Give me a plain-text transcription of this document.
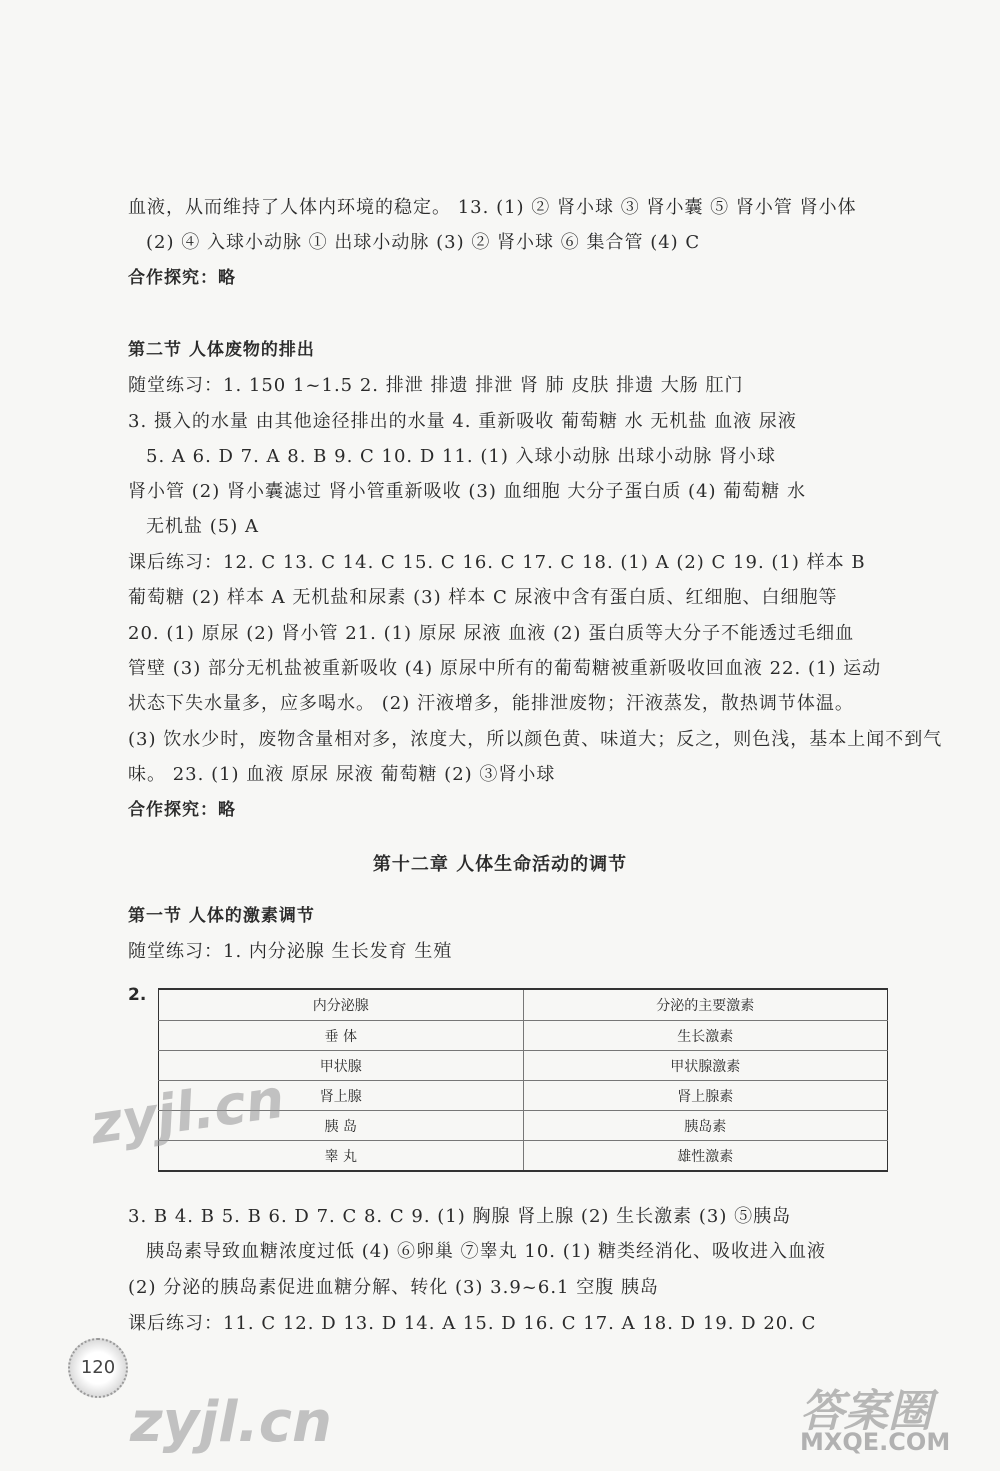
血液，从而维持了人体内环境的稳定。 13. (1) ② 肾小球 ③ 肾小囊 ⑤ 肾小管 肾小体
(2) ④ 入球小动脉 ① 出球小动脉 (3) ② 肾小球 ⑥ 集合管 (4) C
合作探究：略
第二节 人体废物的排出
随堂练习：1. 150 1~1.5 2. 排泄 排遗 排泄 肾 肺 皮肤 排遗 大肠 肛门
3. 摄入的水量 由其他途径排出的水量 4. 重新吸收 葡萄糖 水 无机盐 血液 尿液
5. A 6. D 7. A 8. B 9. C 10. D 11. (1) 入球小动脉 出球小动脉 肾小球
肾小管 (2) 肾小囊滤过 肾小管重新吸收 (3) 血细胞 大分子蛋白质 (4) 葡萄糖 水
无机盐 (5) A
课后练习：12. C 13. C 14. C 15. C 16. C 17. C 18. (1) A (2) C 19. (1) 样本 B
葡萄糖 (2) 样本 A 无机盐和尿素 (3) 样本 C 尿液中含有蛋白质、红细胞、白细胞等
20. (1) 原尿 (2) 肾小管 21. (1) 原尿 尿液 血液 (2) 蛋白质等大分子不能透过毛细血
管壁 (3) 部分无机盐被重新吸收 (4) 原尿中所有的葡萄糖被重新吸收回血液 22. (1) 运动
状态下失水量多，应多喝水。 (2) 汗液增多，能排泄废物；汗液蒸发，散热调节体温。
(3) 饮水少时，废物含量相对多，浓度大，所以颜色黄、味道大；反之，则色浅，基本上闻不到气
味。 23. (1) 血液 原尿 尿液 葡萄糖 (2) ③肾小球
合作探究：略
第十二章 人体生命活动的调节
第一节 人体的激素调节
随堂练习：1. 内分泌腺 生长发育 生殖
2.
内分泌腺	分泌的主要激素
垂 体	生长激素
甲状腺	甲状腺激素
肾上腺	肾上腺素
胰 岛	胰岛素
睾 丸	雄性激素
3. B 4. B 5. B 6. D 7. C 8. C 9. (1) 胸腺 肾上腺 (2) 生长激素 (3) ⑤胰岛
胰岛素导致血糖浓度过低 (4) ⑥卵巢 ⑦睾丸 10. (1) 糖类经消化、吸收进入血液
(2) 分泌的胰岛素促进血糖分解、转化 (3) 3.9~6.1 空腹 胰岛
课后练习：11. C 12. D 13. D 14. A 15. D 16. C 17. A 18. D 19. D 20. C
120
zyjl.cn
zyjl.cn	答案圈
MXQE.COM
